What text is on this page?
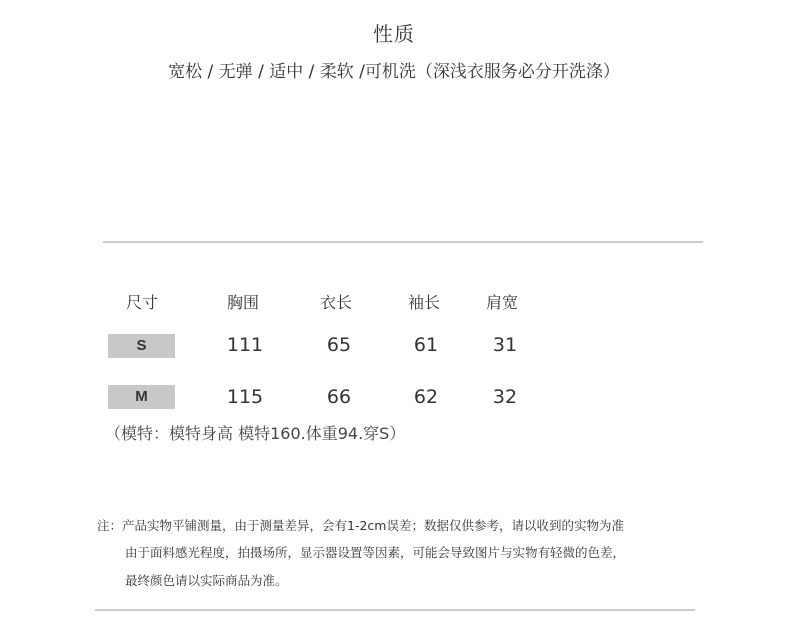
性质
宽松 / 无弹 / 适中 / 柔软 /可机洗（深浅衣服务必分开洗涤）
尺寸	胸围	衣长	袖长	肩宽
S	111	65	61	31
M	115	66	62	32
（模特：模特身高 模特160.体重94.穿S）
注：产品实物平铺测量，由于测量差异，会有1-2cm误差；数据仅供参考，请以收到的实物为准
由于面料感光程度，拍摄场所，显示器设置等因素，可能会导致图片与实物有轻微的色差，
最终颜色请以实际商品为准。
